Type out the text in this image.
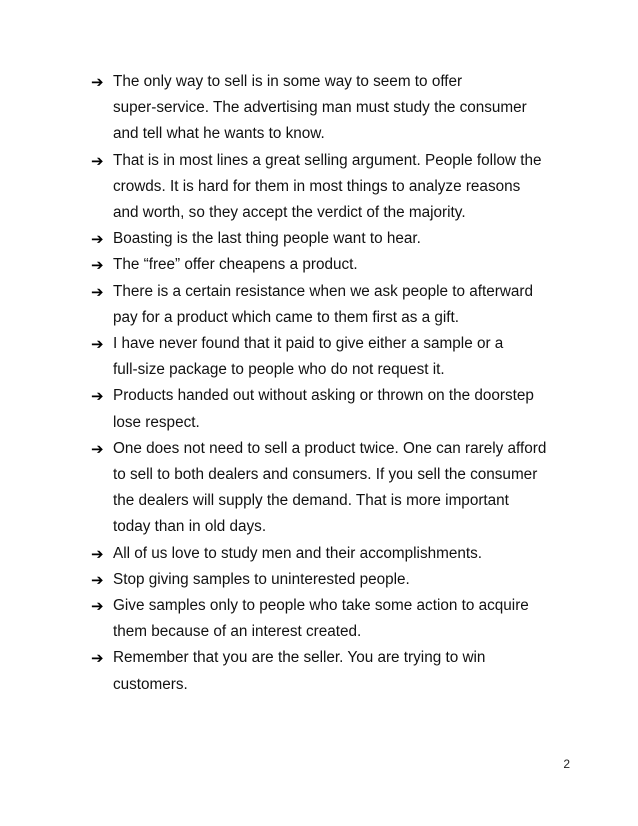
➔ The only way to sell is in some way to seem to offer
super-service. The advertising man must study the consumer
and tell what he wants to know.
➔ That is in most lines a great selling argument. People follow the
crowds. It is hard for them in most things to analyze reasons
and worth, so they accept the verdict of the majority.
➔ Boasting is the last thing people want to hear.
➔ The “free” offer cheapens a product.
➔ There is a certain resistance when we ask people to afterward
pay for a product which came to them first as a gift.
➔ I have never found that it paid to give either a sample or a
full-size package to people who do not request it.
➔ Products handed out without asking or thrown on the doorstep
lose respect.
➔ One does not need to sell a product twice. One can rarely afford
to sell to both dealers and consumers. If you sell the consumer
the dealers will supply the demand. That is more important
today than in old days.
➔ All of us love to study men and their accomplishments.
➔ Stop giving samples to uninterested people.
➔ Give samples only to people who take some action to acquire
them because of an interest created.
➔ Remember that you are the seller. You are trying to win
customers.
2
